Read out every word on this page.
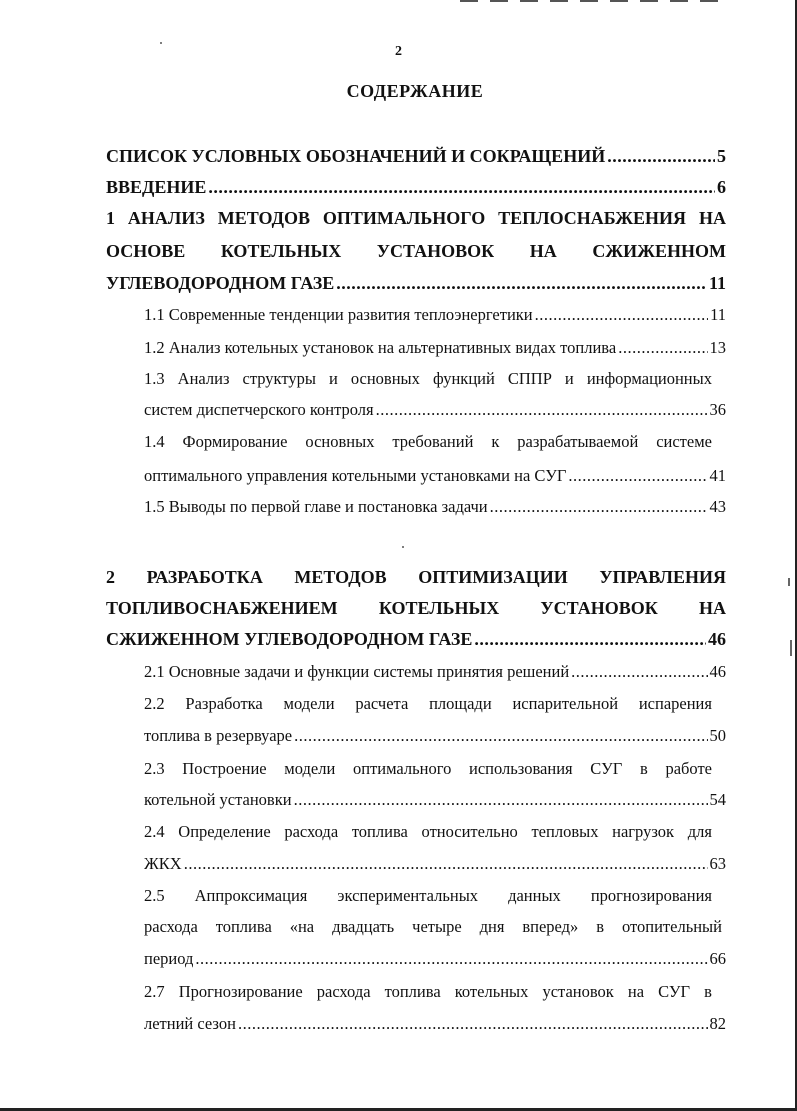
2
СОДЕРЖАНИЕ
СПИСОК УСЛОВНЫХ ОБОЗНАЧЕНИЙ И СОКРАЩЕНИЙ .....	5
ВВЕДЕНИЕ .....	6
1 АНАЛИЗ МЕТОДОВ ОПТИМАЛЬНОГО ТЕПЛОСНАБЖЕНИЯ НА
ОСНОВЕ КОТЕЛЬНЫХ УСТАНОВОК НА СЖИЖЕННОМ
УГЛЕВОДОРОДНОМ ГАЗЕ .....	11
1.1 Современные тенденции развития теплоэнергетики .....	11
1.2 Анализ котельных установок на альтернативных видах топлива .....	13
1.3 Анализ структуры и основных функций СППР и информационных
систем диспетчерского контроля .....	36
1.4 Формирование основных требований к разрабатываемой системе
оптимального управления котельными установками на СУГ .....	41
1.5 Выводы по первой главе и постановка задачи .....	43
2 РАЗРАБОТКА МЕТОДОВ ОПТИМИЗАЦИИ УПРАВЛЕНИЯ
ТОПЛИВОСНАБЖЕНИЕМ КОТЕЛЬНЫХ УСТАНОВОК НА
СЖИЖЕННОМ УГЛЕВОДОРОДНОМ ГАЗЕ .....	46
2.1 Основные задачи и функции системы принятия решений .....	46
2.2 Разработка модели расчета площади испарительной испарения
топлива в резервуаре .....	50
2.3 Построение модели оптимального использования СУГ в работе
котельной установки .....	54
2.4 Определение расхода топлива относительно тепловых нагрузок для
ЖКХ .....	63
2.5 Аппроксимация экспериментальных данных прогнозирования
расхода топлива «на двадцать четыре дня вперед» в отопительный
период .....	66
2.7 Прогнозирование расхода топлива котельных установок на СУГ в
летний сезон .....	82
